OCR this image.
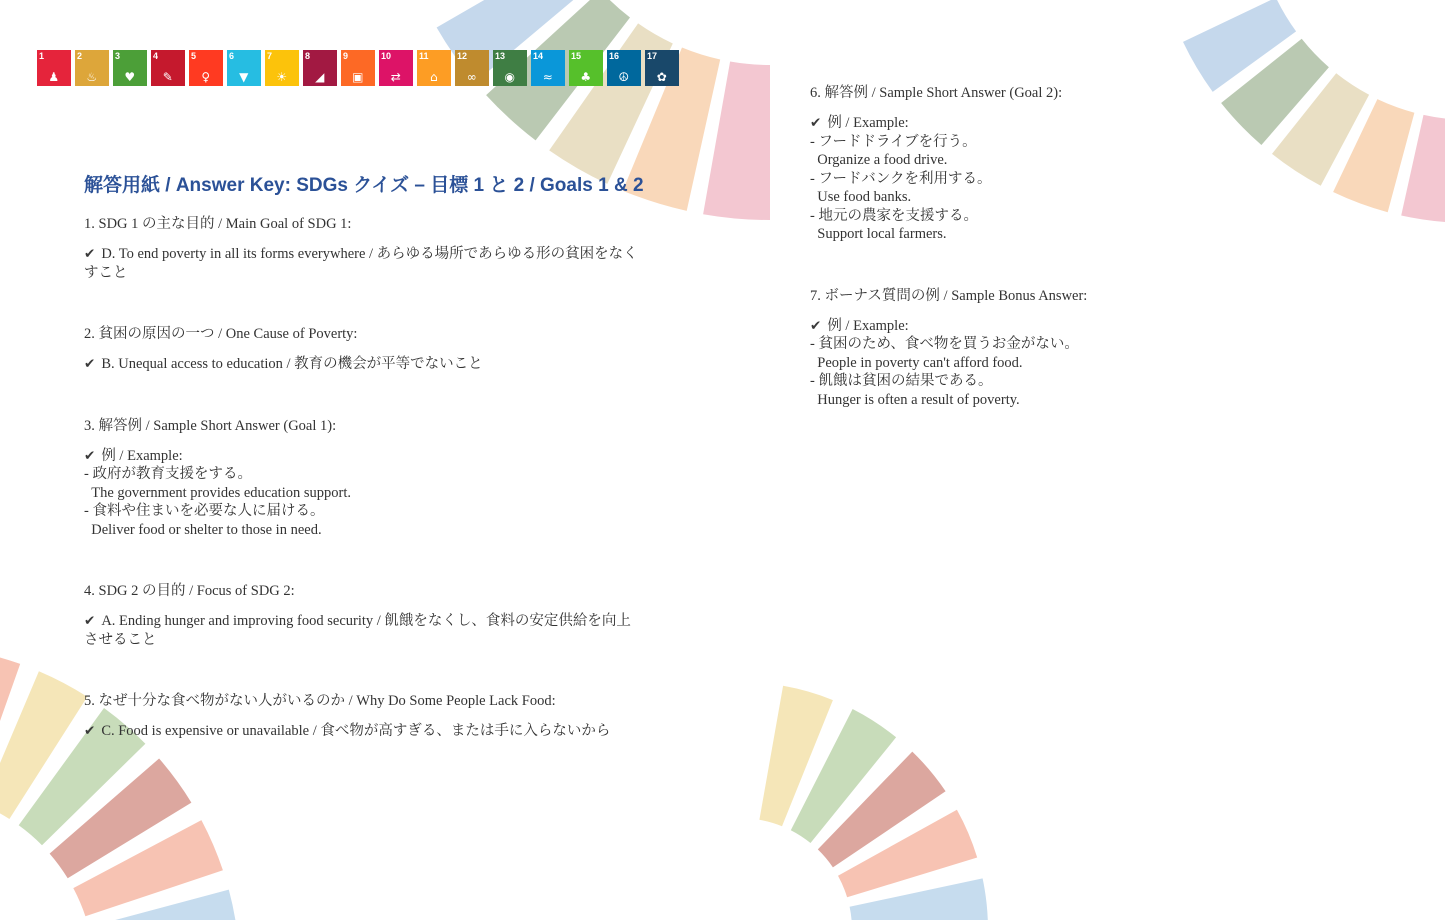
1
♟
2
♨
3
♥
4
✎
5
♀
6
▼
7
☀
8
◢
9
▣
10
⇄
11
⌂
12
∞
13
◉
14
≈
15
♣
16
☮
17
✿
解答用紙 / Answer Key: SDGs クイズ – 目標 1 と 2 / Goals 1 & 2

1. SDG 1 の主な目的 / Main Goal of SDG 1:

✔ D. To end poverty in all its forms everywhere / あらゆる場所であらゆる形の貧困をなくすこと

2. 貧困の原因の一つ / One Cause of Poverty:

✔ B. Unequal access to education / 教育の機会が平等でないこと

3. 解答例 / Sample Short Answer (Goal 1):

✔ 例 / Example:
- 政府が教育支援をする。
The government provides education support.
- 食料や住まいを必要な人に届ける。
Deliver food or shelter to those in need.

4. SDG 2 の目的 / Focus of SDG 2:

✔ A. Ending hunger and improving food security / 飢餓をなくし、食料の安定供給を向上させること

5. なぜ十分な食べ物がない人がいるのか / Why Do Some People Lack Food:

✔ C. Food is expensive or unavailable / 食べ物が高すぎる、または手に入らないから

6. 解答例 / Sample Short Answer (Goal 2):

✔ 例 / Example:
- フードドライブを行う。
Organize a food drive.
- フードバンクを利用する。
Use food banks.
- 地元の農家を支援する。
Support local farmers.

7. ボーナス質問の例 / Sample Bonus Answer:

✔ 例 / Example:
- 貧困のため、食べ物を買うお金がない。
People in poverty can't afford food.
- 飢餓は貧困の結果である。
Hunger is often a result of poverty.
